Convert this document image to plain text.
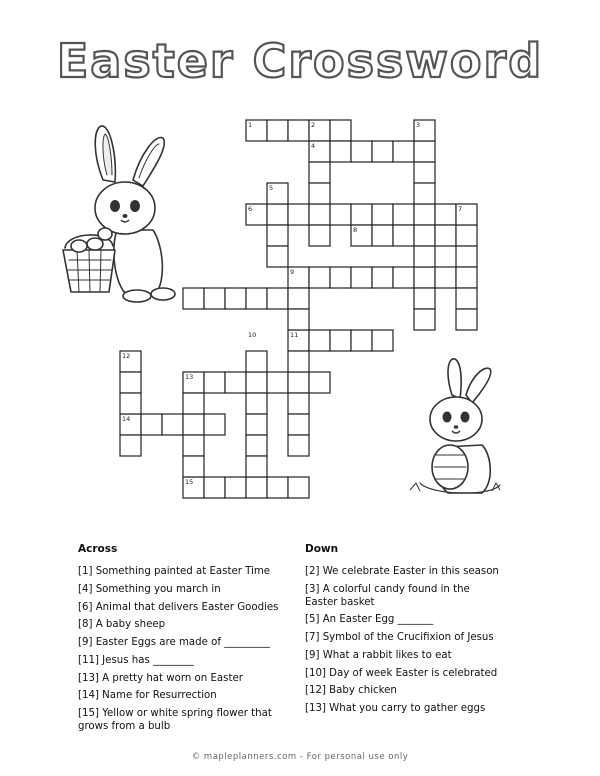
Easter Crossword
1	2	3
4
5
6	7
8
9
10	11
12
13
14
15
Across
[1] Something painted at Easter Time
[4] Something you march in
[6] Animal that delivers Easter Goodies
[8] A baby sheep
[9] Easter Eggs are made of _________
[11] Jesus has ________
[13] A pretty hat worn on Easter
[14] Name for Resurrection
[15] Yellow or white spring flower that grows from a bulb
Down
[2] We celebrate Easter in this season
[3] A colorful candy found in the Easter basket
[5] An Easter Egg _______
[7] Symbol of the Crucifixion of Jesus
[9] What a rabbit likes to eat
[10] Day of week Easter is celebrated
[12] Baby chicken
[13] What you carry to gather eggs
© mapleplanners.com - For personal use only
